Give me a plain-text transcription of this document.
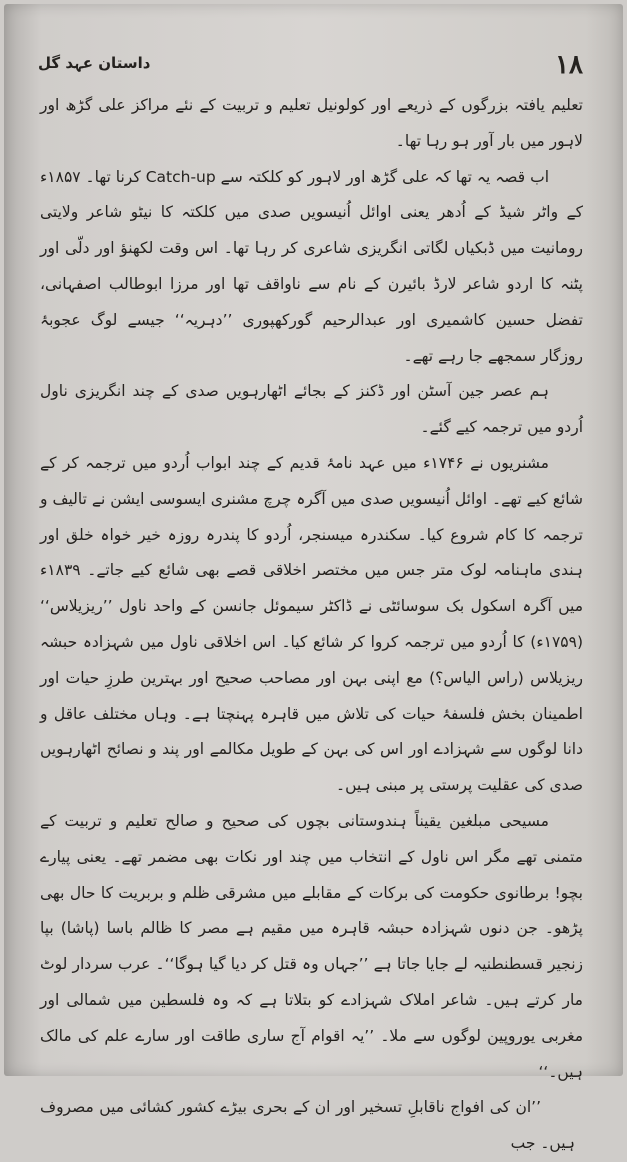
۱۸
داستان عہد گل

تعلیم یافتہ بزرگوں کے ذریعے اور کولونیل تعلیم و تربیت کے نئے مراکز علی گڑھ اور لاہور میں بار آور ہو رہا تھا۔

اب قصہ یہ تھا کہ علی گڑھ اور لاہور کو کلکتہ سے Catch-up کرنا تھا۔ ۱۸۵۷ء کے واٹر شیڈ کے اُدھر یعنی اوائل اُنیسویں صدی میں کلکتہ کا نیٹو شاعر ولایتی رومانیت میں ڈبکیاں لگاتی انگریزی شاعری کر رہا تھا۔ اس وقت لکھنؤ اور دلّی اور پٹنہ کا اردو شاعر لارڈ بائیرن کے نام سے ناواقف تھا اور مرزا ابوطالب اصفہانی، تفضل حسین کاشمیری اور عبدالرحیم گورکھپوری ’’دہریہ‘‘ جیسے لوگ عجوبۂ روزگار سمجھے جا رہے تھے۔

ہم عصر جین آسٹن اور ڈکنز کے بجائے اٹھارہویں صدی کے چند انگریزی ناول اُردو میں ترجمہ کیے گئے۔

مشنریوں نے ۱۷۴۶ء میں عہد نامۂ قدیم کے چند ابواب اُردو میں ترجمہ کر کے شائع کیے تھے۔ اوائل اُنیسویں صدی میں آگرہ چرچ مشنری ایسوسی ایشن نے تالیف و ترجمہ کا کام شروع کیا۔ سکندرہ میسنجر، اُردو کا پندرہ روزہ خیر خواہ خلق اور ہندی ماہنامہ لوک متر جس میں مختصر اخلاقی قصے بھی شائع کیے جاتے۔ ۱۸۳۹ء میں آگرہ اسکول بک سوسائٹی نے ڈاکٹر سیموئل جانسن کے واحد ناول ’’ریزیلاس‘‘ (۱۷۵۹ء) کا اُردو میں ترجمہ کروا کر شائع کیا۔ اس اخلاقی ناول میں شہزادہ حبشہ ریزیلاس (راس الیاس؟) مع اپنی بہن اور مصاحب صحیح اور بہترین طرزِ حیات اور اطمینان بخش فلسفۂ حیات کی تلاش میں قاہرہ پہنچتا ہے۔ وہاں مختلف عاقل و دانا لوگوں سے شہزادے اور اس کی بہن کے طویل مکالمے اور پند و نصائح اٹھارہویں صدی کی عقلیت پرستی پر مبنی ہیں۔

مسیحی مبلغین یقیناً ہندوستانی بچوں کی صحیح و صالح تعلیم و تربیت کے متمنی تھے مگر اس ناول کے انتخاب میں چند اور نکات بھی مضمر تھے۔ یعنی پیارے بچو! برطانوی حکومت کی برکات کے مقابلے میں مشرقی ظلم و بربریت کا حال بھی پڑھو۔ جن دنوں شہزادہ حبشہ قاہرہ میں مقیم ہے مصر کا ظالم باسا (پاشا) بپا زنجیر قسطنطنیہ لے جایا جاتا ہے ’’جہاں وہ قتل کر دیا گیا ہوگا‘‘۔ عرب سردار لوٹ مار کرتے ہیں۔ شاعر املاک شہزادے کو بتلاتا ہے کہ وہ فلسطین میں شمالی اور مغربی یوروپین لوگوں سے ملا۔ ’’یہ اقوام آج ساری طاقت اور سارے علم کی مالک ہیں۔‘‘

’’ان کی افواج ناقابلِ تسخیر اور ان کے بحری بیڑے کشور کشائی میں مصروف ہیں۔ جب
